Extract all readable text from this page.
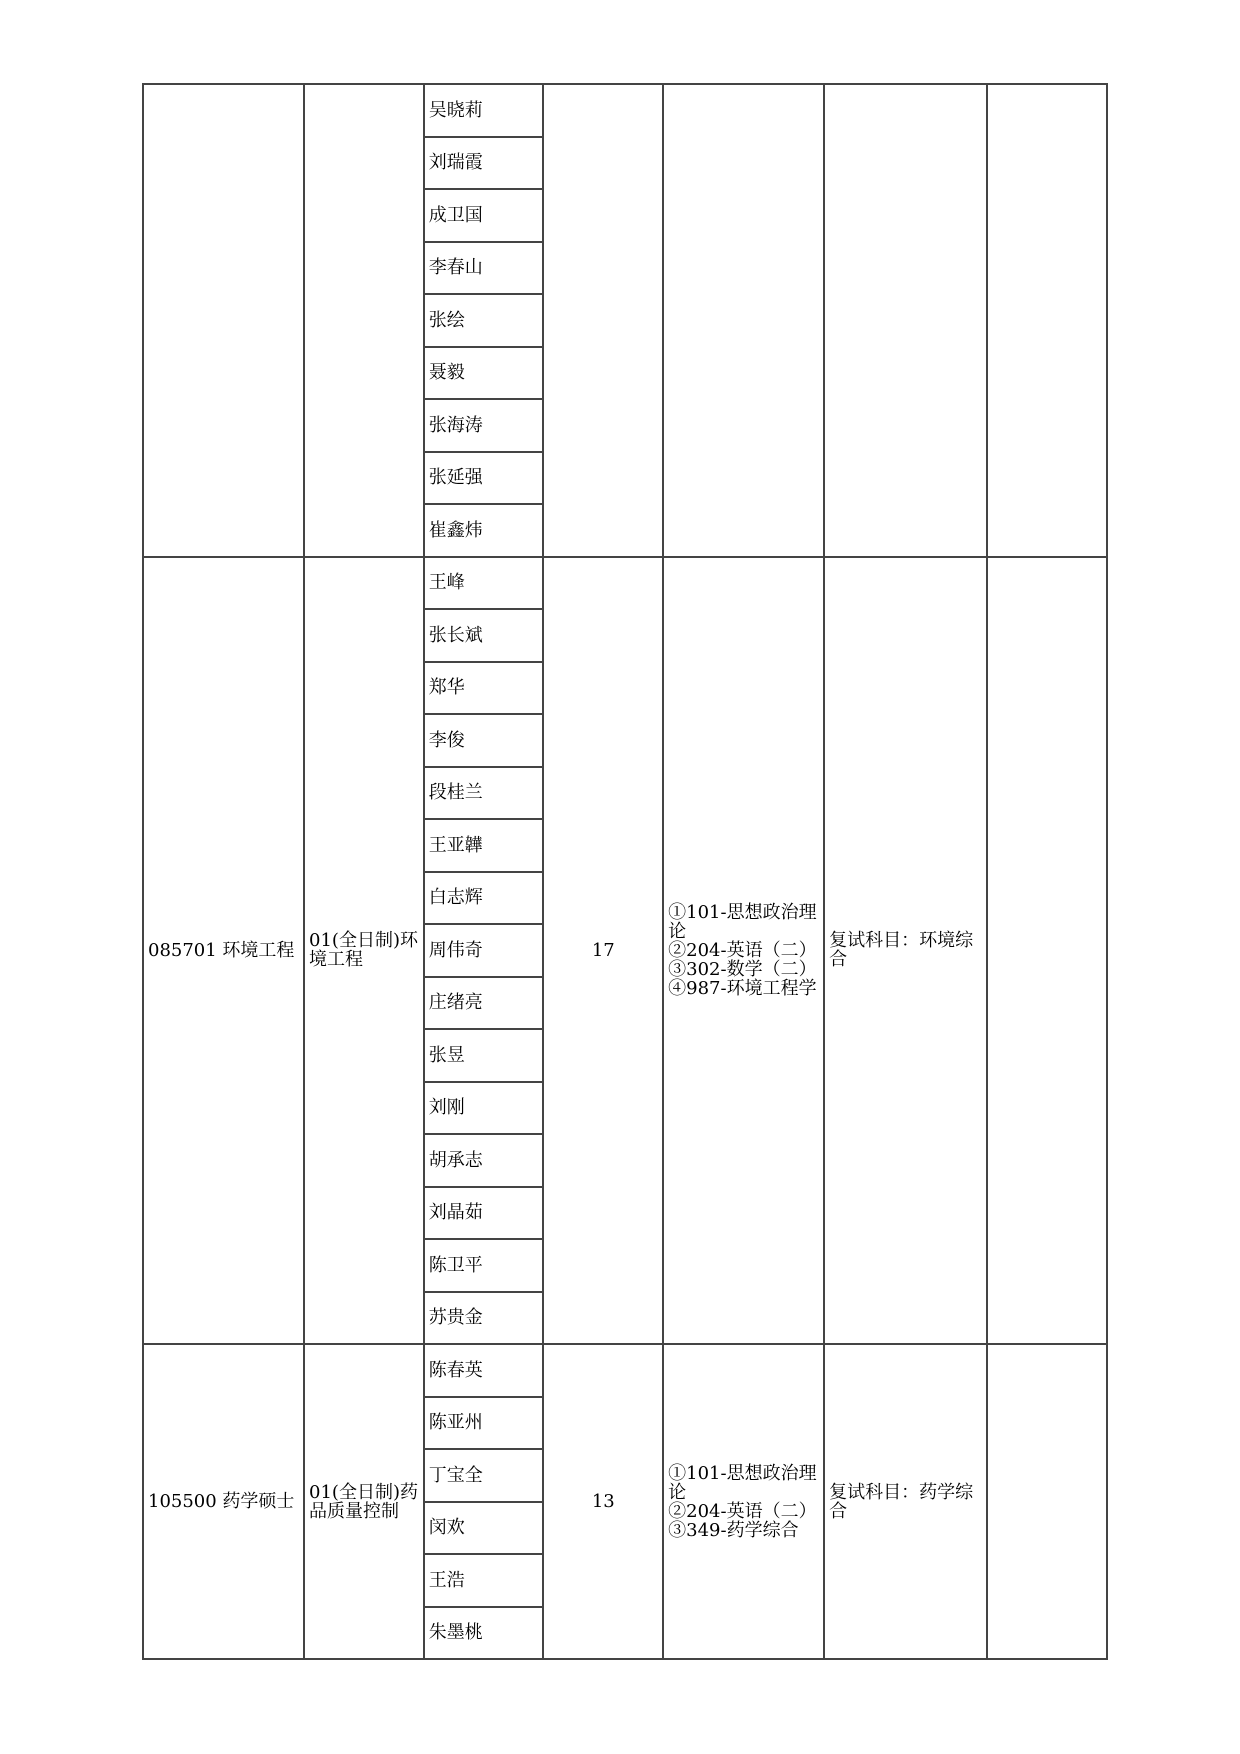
		吴晓莉				
		刘瑞霞				
		成卫国				
		李春山				
		张绘				
		聂毅				
		张海涛				
		张延强				
		崔鑫炜				
085701 环境工程	01(全日制)环境工程	王峰	17	①101-思想政治理论
②204-英语（二）
③302-数学（二）
④987-环境工程学	复试科目：环境综合	
		张长斌				
		郑华				
		李俊				
		段桂兰				
		王亚韡				
		白志辉				
		周伟奇				
		庄绪亮				
		张昱				
		刘刚				
		胡承志				
		刘晶茹				
		陈卫平				
		苏贵金				
105500 药学硕士	01(全日制)药品质量控制	陈春英	13	①101-思想政治理论
②204-英语（二）
③349-药学综合	复试科目：药学综合	
		陈亚州				
		丁宝全				
		闵欢				
		王浩				
		朱墨桃				
